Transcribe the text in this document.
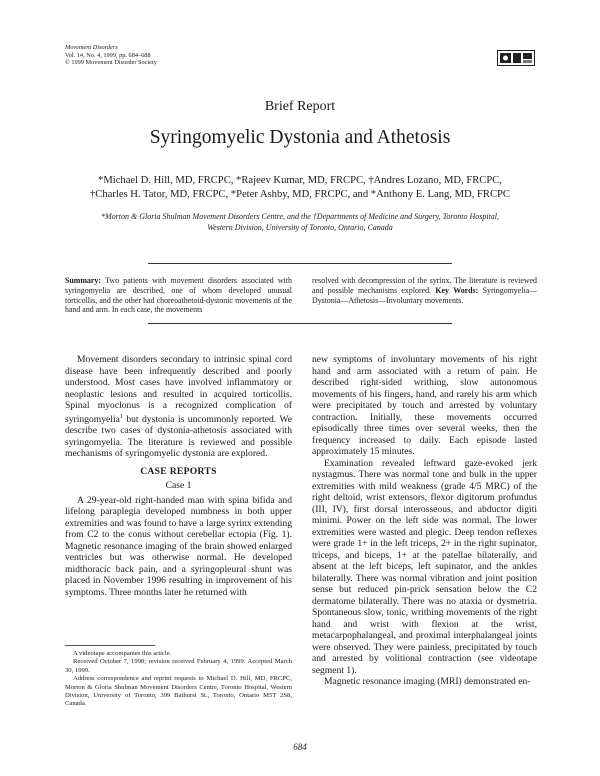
Movement Disorders
Vol. 14, No. 4, 1999, pp. 684–688
© 1999 Movement Disorder Society
Brief Report
Syringomyelic Dystonia and Athetosis
*Michael D. Hill, MD, FRCPC, *Rajeev Kumar, MD, FRCPC, †Andres Lozano, MD, FRCPC,
†Charles H. Tator, MD, FRCPC, *Peter Ashby, MD, FRCPC, and *Anthony E. Lang, MD, FRCPC
*Morton & Gloria Shulman Movement Disorders Centre, and the †Departments of Medicine and Surgery, Toronto Hospital,
Western Division, University of Toronto, Ontario, Canada
Summary: Two patients with movement disorders associated with syringomyelia are described, one of whom developed unusual torticollis, and the other had choreoathetoid-dystonic movements of the hand and arm. In each case, the movements
resolved with decompression of the syrinx. The literature is reviewed and possible mechanisms explored. Key Words: Syringomyelia—Dystonia—Athetosis—Involuntary movements.

Movement disorders secondary to intrinsic spinal cord disease have been infrequently described and poorly understood. Most cases have involved inflammatory or neoplastic lesions and resulted in acquired torticollis. Spinal myoclonus is a recognized complication of syringomyelia$^1$ but dystonia is uncommonly reported. We describe two cases of dystonia-athetosis associated with syringomyelia. The literature is reviewed and possible mechanisms of syringomyelic dystonia are explored.

CASE REPORTS
Case 1

A 29-year-old right-handed man with spina bifida and lifelong paraplegia developed numbness in both upper extremities and was found to have a large syrinx extending from C2 to the conus without cerebellar ectopia (Fig. 1). Magnetic resonance imaging of the brain showed enlarged ventricles but was otherwise normal. He developed midthoracic back pain, and a syringopleural shunt was placed in November 1996 resulting in improvement of his symptoms. Three months later he returned with

new symptoms of involuntary movements of his right hand and arm associated with a return of pain. He described right-sided writhing, slow autonomous movements of his fingers, hand, and rarely his arm which were precipitated by touch and arrested by voluntary contraction. Initially, these movements occurred episodically three times over several weeks, then the frequency increased to daily. Each episode lasted approximately 15 minutes.

Examination revealed leftward gaze-evoked jerk nystagmus. There was normal tone and bulk in the upper extremities with mild weakness (grade 4/5 MRC) of the right deltoid, wrist extensors, flexor digitorum profundus (III, IV), first dorsal interosseous, and abductor digiti minimi. Power on the left side was normal. The lower extremities were wasted and plegic. Deep tendon reflexes were grade 1+ in the left triceps, 2+ in the right supinator, triceps, and biceps, 1+ at the patellae bilaterally, and absent at the left biceps, left supinator, and the ankles bilaterally. There was normal vibration and joint position sense but reduced pin-prick sensation below the C2 dermatome bilaterally. There was no ataxia or dysmetria. Spontaneous slow, tonic, writhing movements of the right hand and wrist with flexion at the wrist, metacarpophalangeal, and proximal interphalangeal joints were observed. They were painless, precipitated by touch and arrested by volitional contraction (see videotape segment 1).

Magnetic resonance imaging (MRI) demonstrated en-

A videotape accompanies this article.

Received October 7, 1998; revision received February 4, 1999. Accepted March 30, 1999.

Address correspondence and reprint requests to Michael D. Hill, MD, FRCPC, Morton & Gloria Shulman Movement Disorders Centre, Toronto Hospital, Western Division, University of Toronto, 399 Bathurst St., Toronto, Ontario M5T 2S8, Canada.

684
